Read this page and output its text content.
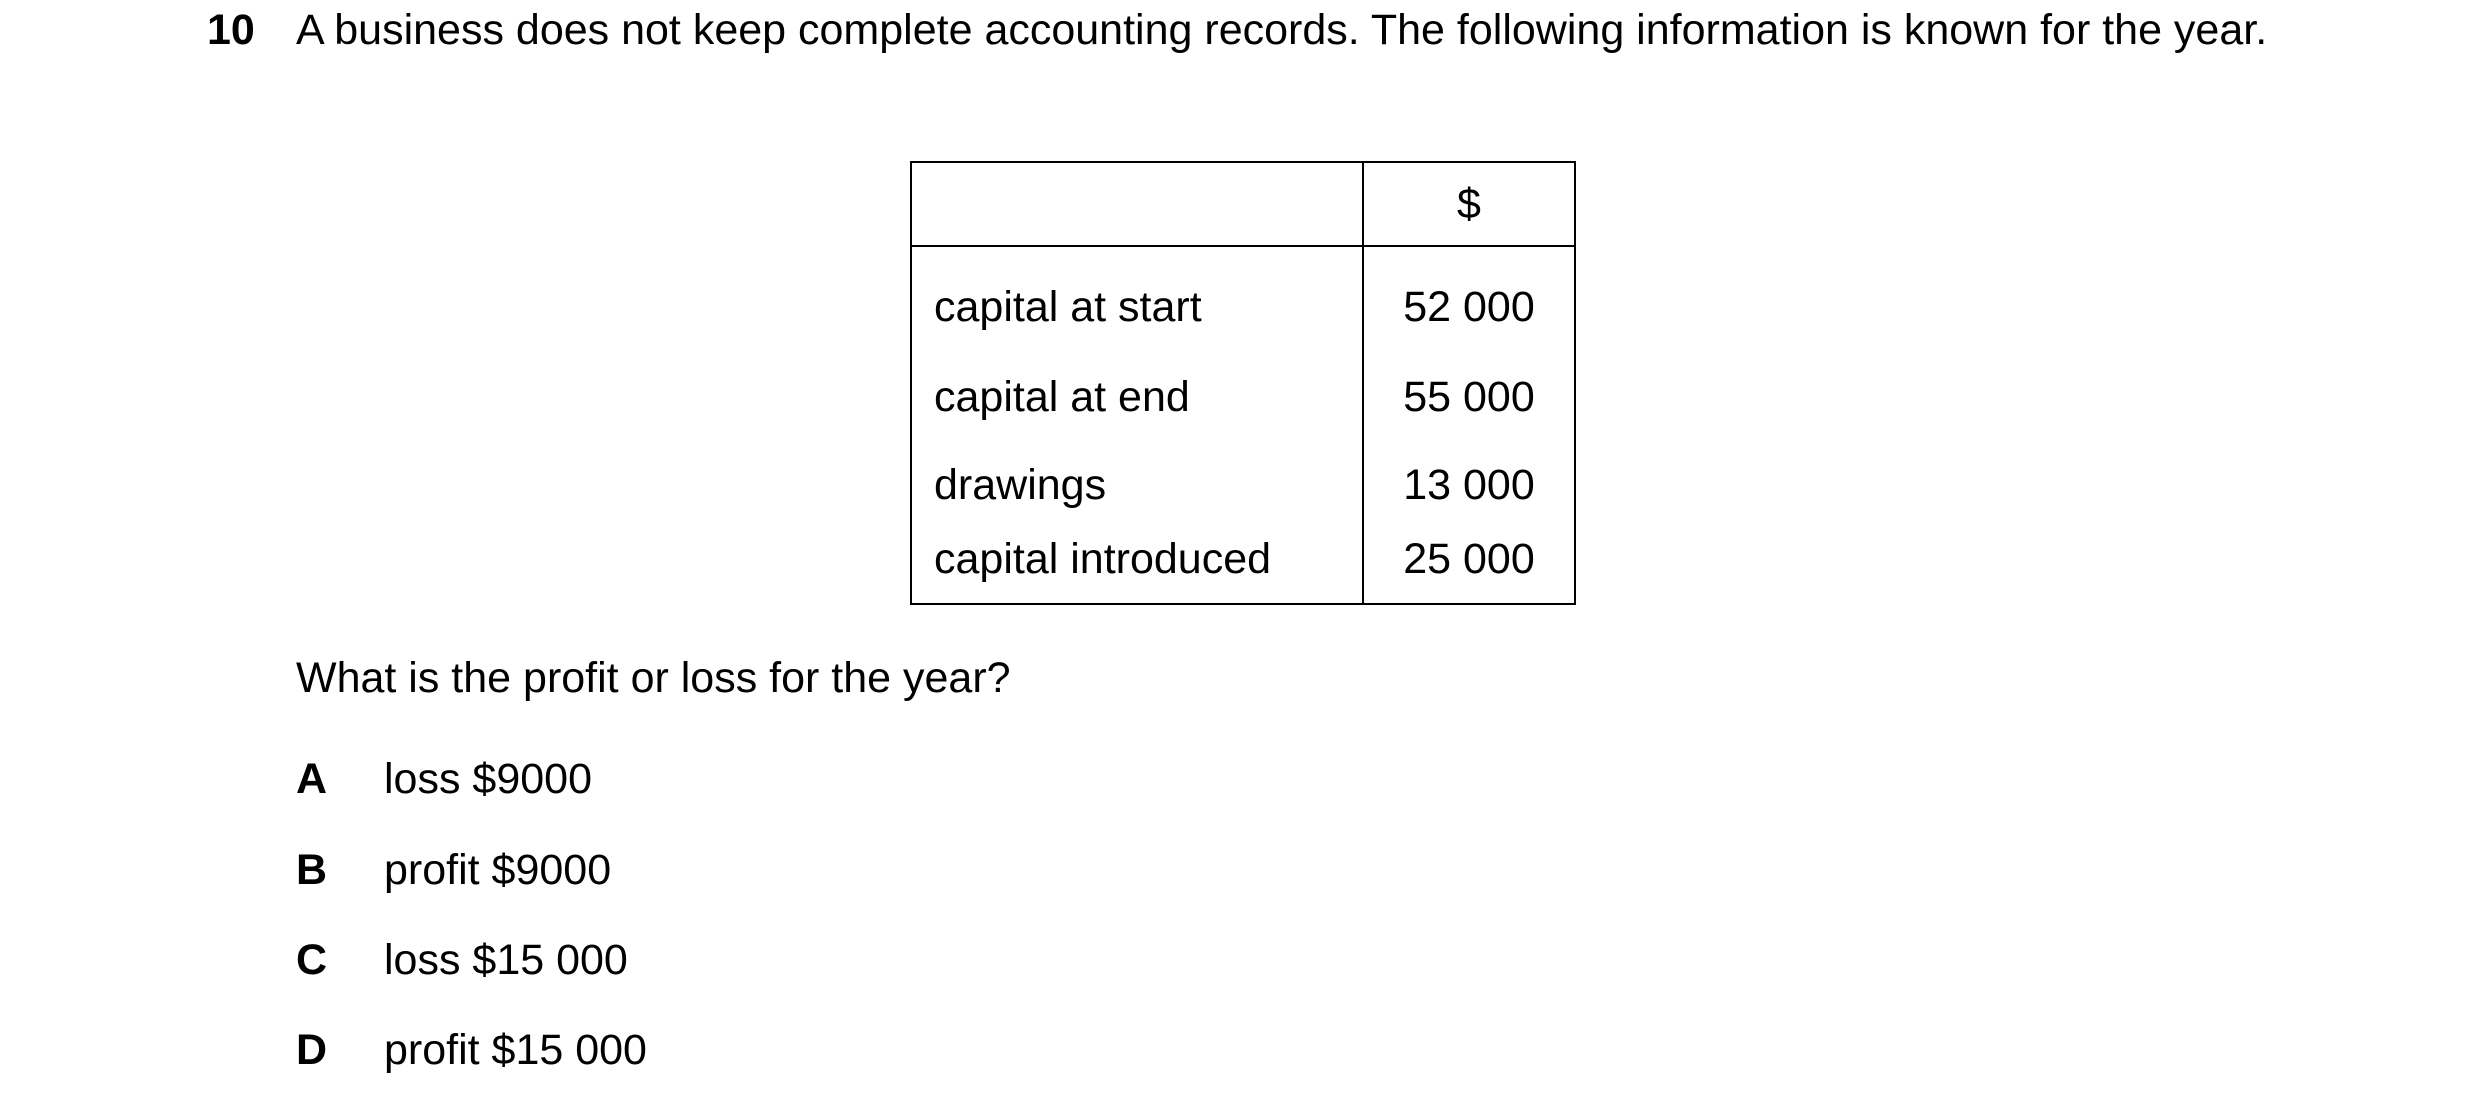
10 A business does not keep complete accounting records. The following information is known for the year.
	$
capital at start	52 000
capital at end	55 000
drawings	13 000
capital introduced	25 000
What is the profit or loss for the year?
A	loss $9000
B	profit $9000
C	loss $15 000
D	profit $15 000
